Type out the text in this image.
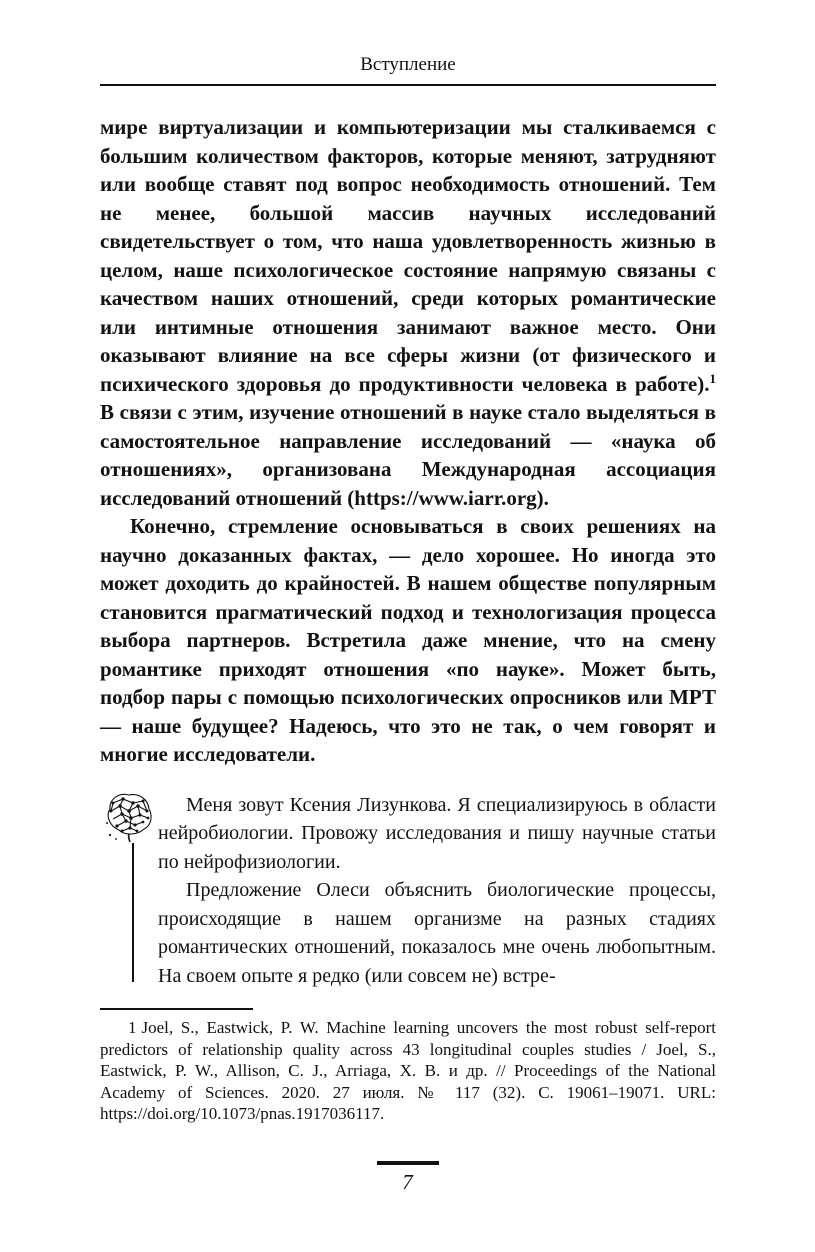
Вступление

мире виртуализации и компьютеризации мы сталкиваемся с большим количеством факторов, которые меняют, затрудняют или вообще ставят под вопрос необходимость отношений. Тем не менее, большой массив научных исследований свидетельствует о том, что наша удовлетворенность жизнью в целом, наше психологическое состояние напрямую связаны с качеством наших отношений, среди которых романтические или интимные отношения занимают важное место. Они оказывают влияние на все сферы жизни (от физического и психического здоровья до продуктивности человека в работе).$^1$ В связи с этим, изучение отношений в науке стало выделяться в самостоятельное направление исследований — «наука об отношениях», организована Международная ассоциация исследований отношений (https://www.iarr.org).

Конечно, стремление основываться в своих решениях на научно доказанных фактах, — дело хорошее. Но иногда это может доходить до крайностей. В нашем обществе популярным становится прагматический подход и технологизация процесса выбора партнеров. Встретила даже мнение, что на смену романтике приходят отношения «по науке». Может быть, подбор пары с помощью психологических опросников или МРТ — наше будущее? Надеюсь, что это не так, о чем говорят и многие исследователи.

Меня зовут Ксения Лизункова. Я специализируюсь в области нейробиологии. Провожу исследования и пишу научные статьи по нейрофизиологии.

Предложение Олеси объяснить биологические процессы, происходящие в нашем организме на разных стадиях романтических отношений, показалось мне очень любопытным. На своем опыте я редко (или совсем не) встре-

1 Joel, S., Eastwick, P. W. Machine learning uncovers the most robust self-report predictors of relationship quality across 43 longitudinal couples studies / Joel, S., Eastwick, P. W., Allison, C. J., Arriaga, X. B. и др. // Proceedings of the National Academy of Sciences. 2020. 27 июля. № 117 (32). С. 19061–19071. URL: https://doi.org/10.1073/pnas.1917036117.

7
